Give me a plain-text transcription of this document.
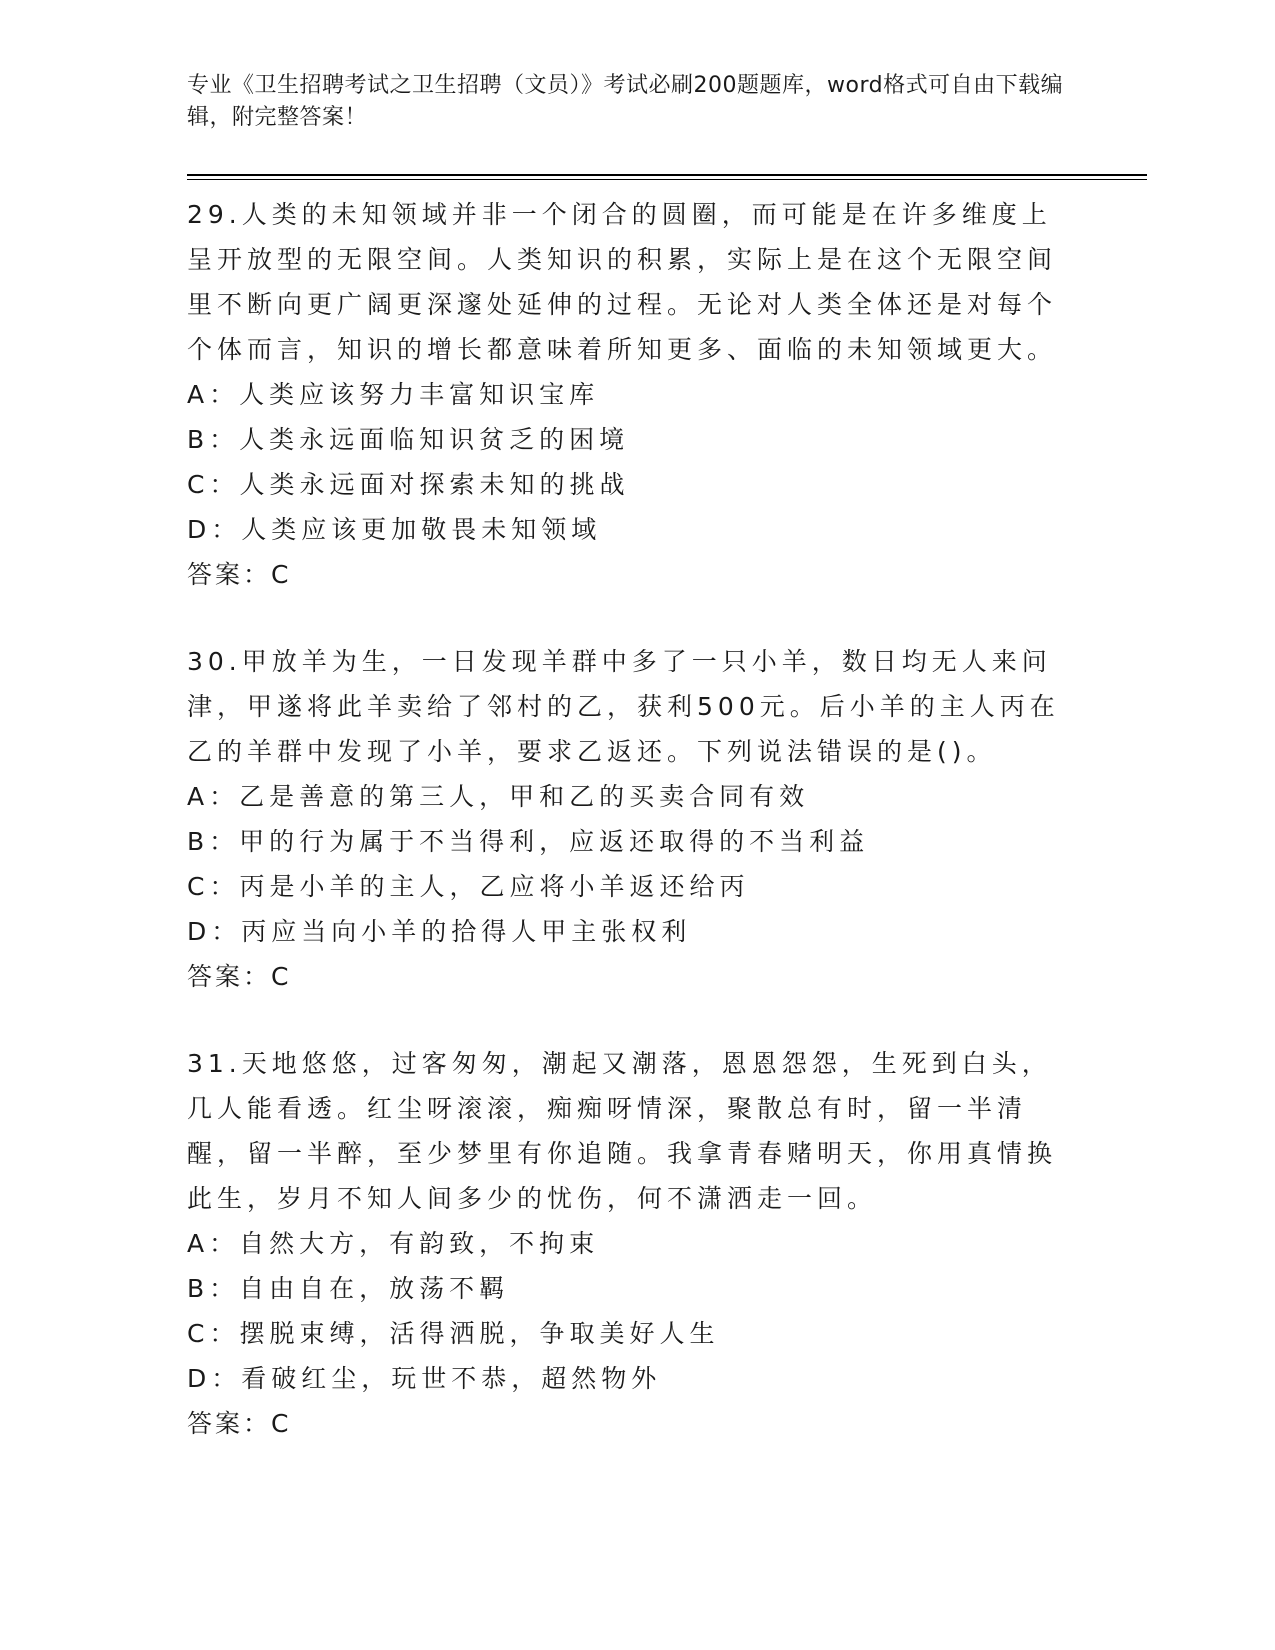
专业《卫生招聘考试之卫生招聘（文员）》考试必刷200题题库，word格式可自由下载编辑，附完整答案！

29.人类的未知领域并非一个闭合的圆圈，而可能是在许多维度上呈开放型的无限空间。人类知识的积累，实际上是在这个无限空间里不断向更广阔更深邃处延伸的过程。无论对人类全体还是对每个个体而言，知识的增长都意味着所知更多、面临的未知领域更大。

A：人类应该努力丰富知识宝库

B：人类永远面临知识贫乏的困境

C：人类永远面对探索未知的挑战

D：人类应该更加敬畏未知领域

答案：C

30.甲放羊为生，一日发现羊群中多了一只小羊，数日均无人来问津，甲遂将此羊卖给了邻村的乙，获利500元。后小羊的主人丙在乙的羊群中发现了小羊，要求乙返还。下列说法错误的是()。

A：乙是善意的第三人，甲和乙的买卖合同有效

B：甲的行为属于不当得利，应返还取得的不当利益

C：丙是小羊的主人，乙应将小羊返还给丙

D：丙应当向小羊的拾得人甲主张权利

答案：C

31.天地悠悠，过客匆匆，潮起又潮落，恩恩怨怨，生死到白头，几人能看透。红尘呀滚滚，痴痴呀情深，聚散总有时，留一半清醒，留一半醉，至少梦里有你追随。我拿青春赌明天，你用真情换此生，岁月不知人间多少的忧伤，何不潇洒走一回。

A：自然大方，有韵致，不拘束

B：自由自在，放荡不羁

C：摆脱束缚，活得洒脱，争取美好人生

D：看破红尘，玩世不恭，超然物外

答案：C
